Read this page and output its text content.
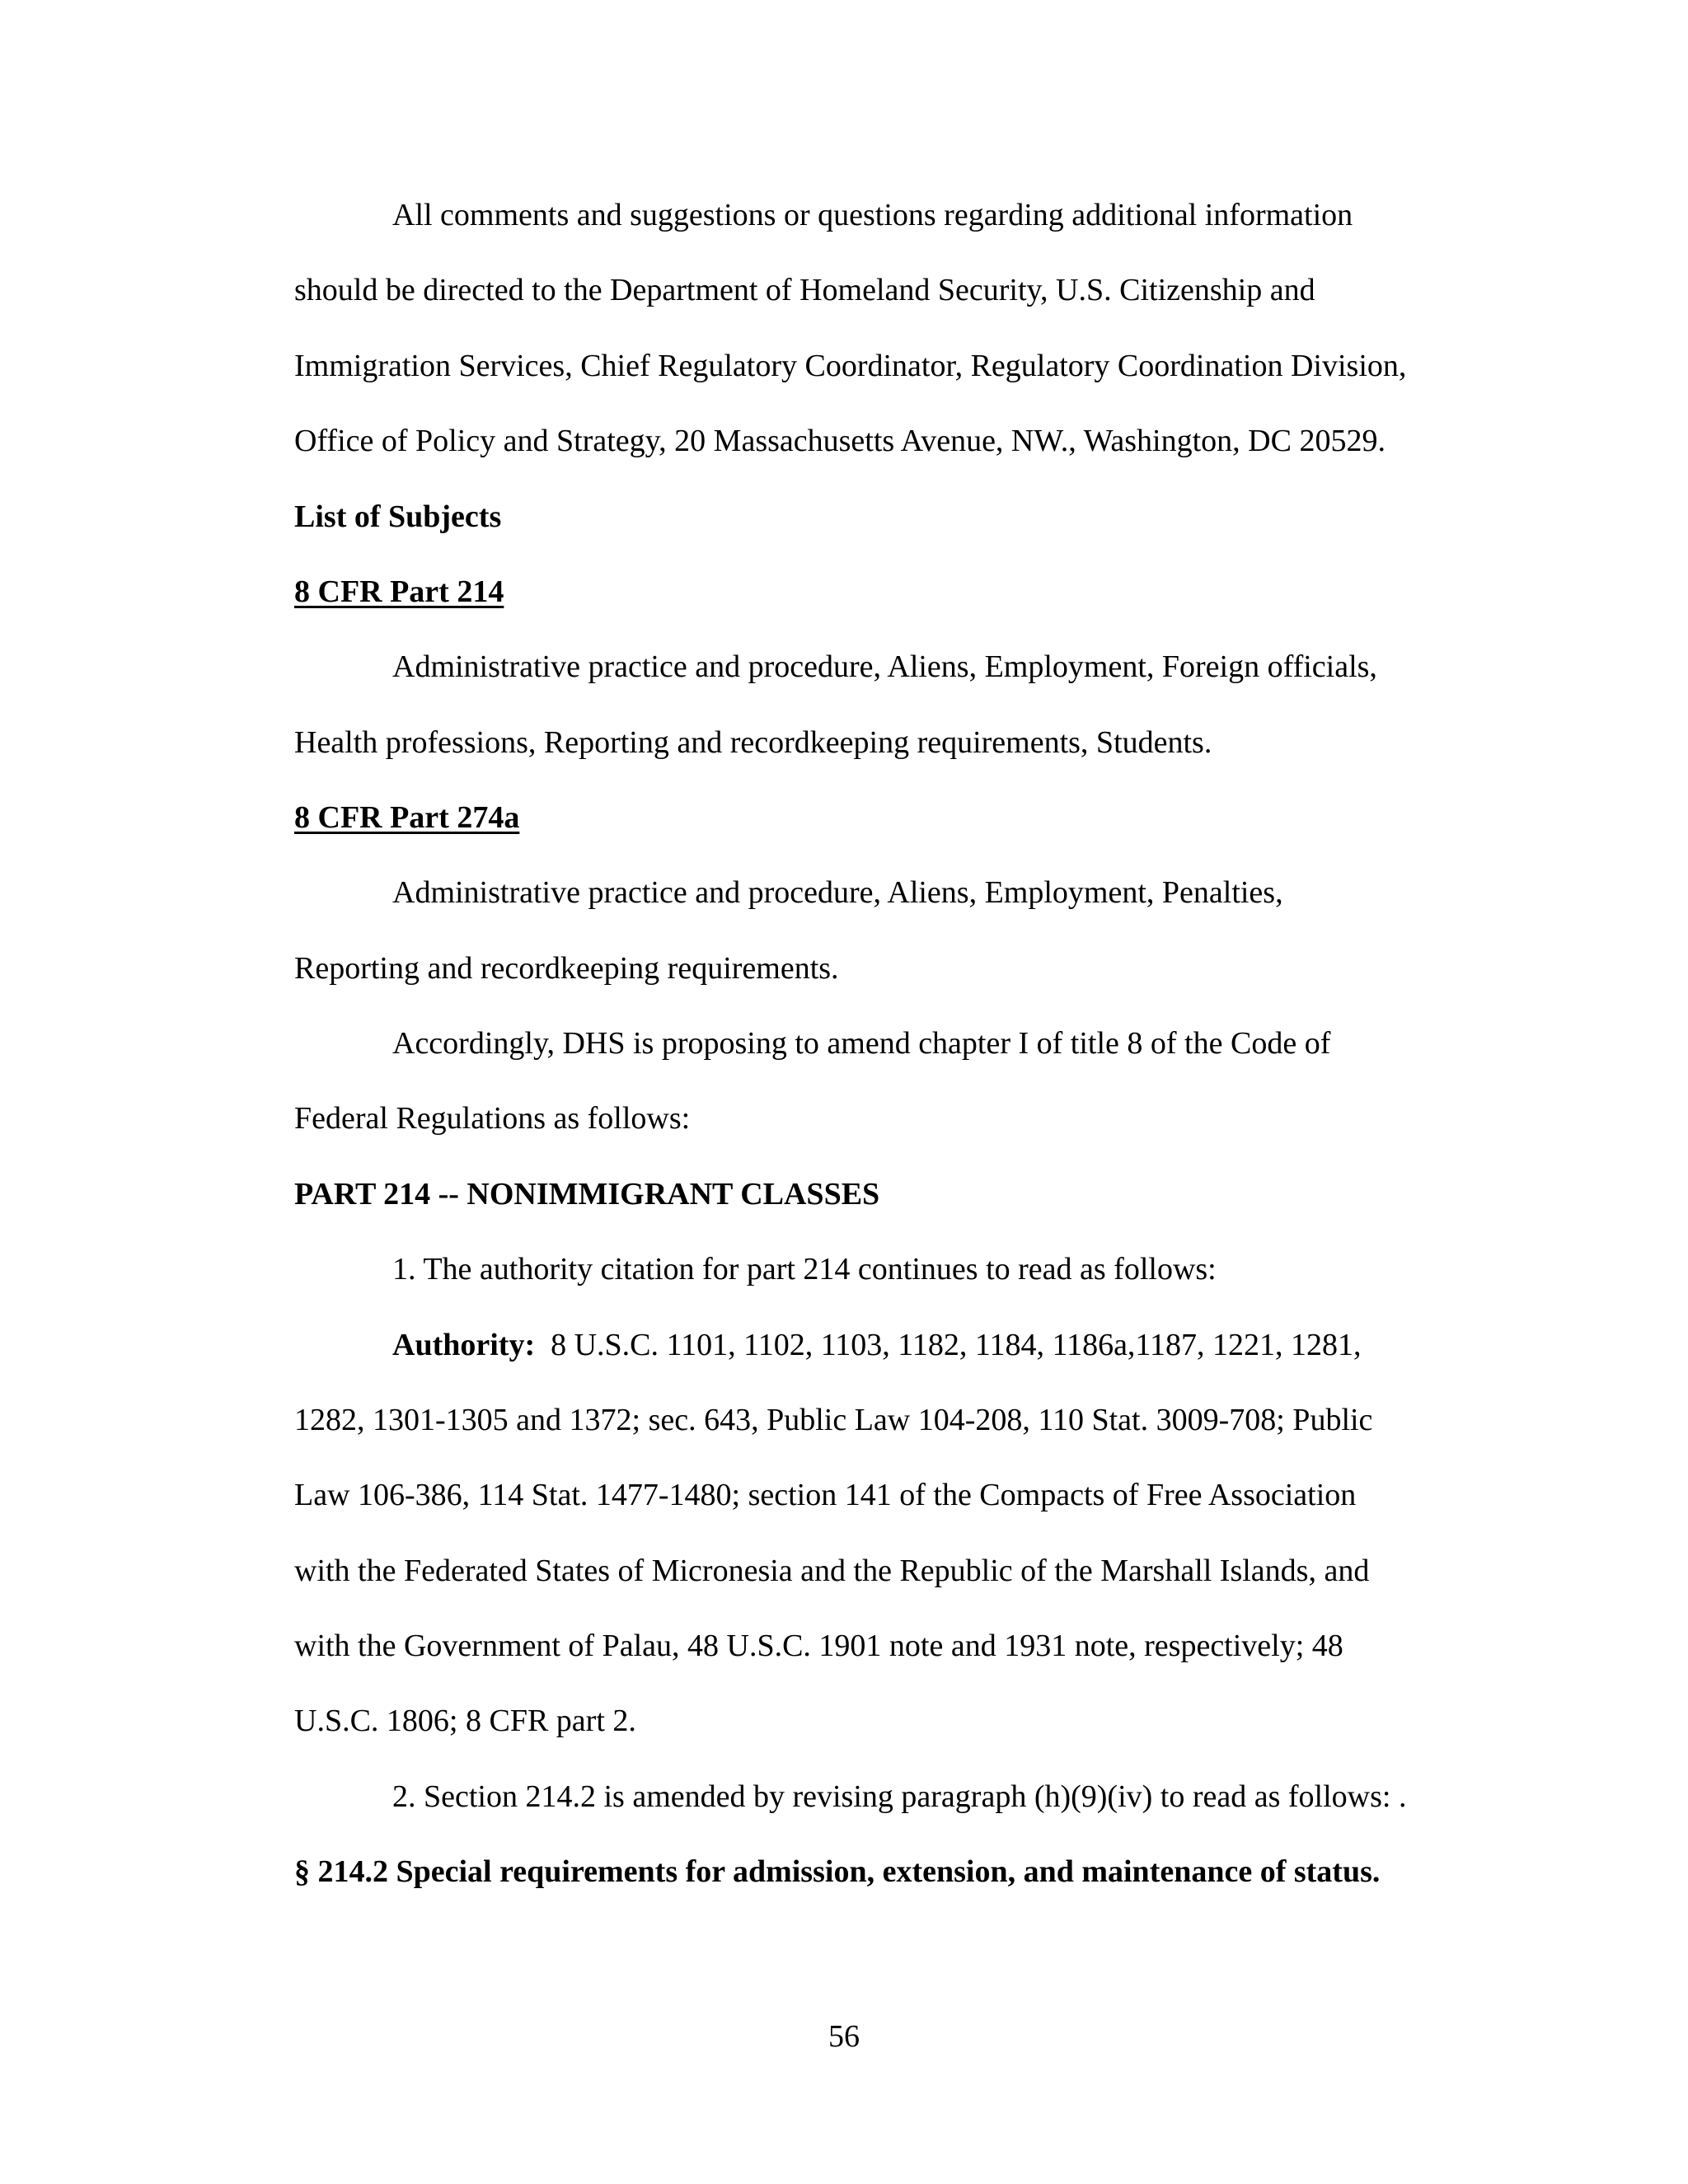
All comments and suggestions or questions regarding additional information
should be directed to the Department of Homeland Security, U.S. Citizenship and
Immigration Services, Chief Regulatory Coordinator, Regulatory Coordination Division,
Office of Policy and Strategy, 20 Massachusetts Avenue, NW., Washington, DC 20529.
List of Subjects
8 CFR Part 214
Administrative practice and procedure, Aliens, Employment, Foreign officials,
Health professions, Reporting and recordkeeping requirements, Students.
8 CFR Part 274a
Administrative practice and procedure, Aliens, Employment, Penalties,
Reporting and recordkeeping requirements.
Accordingly, DHS is proposing to amend chapter I of title 8 of the Code of
Federal Regulations as follows:
PART 214 -- NONIMMIGRANT CLASSES
1. The authority citation for part 214 continues to read as follows:
Authority: 8 U.S.C. 1101, 1102, 1103, 1182, 1184, 1186a,1187, 1221, 1281,
1282, 1301-1305 and 1372; sec. 643, Public Law 104-208, 110 Stat. 3009-708; Public
Law 106-386, 114 Stat. 1477-1480; section 141 of the Compacts of Free Association
with the Federated States of Micronesia and the Republic of the Marshall Islands, and
with the Government of Palau, 48 U.S.C. 1901 note and 1931 note, respectively; 48
U.S.C. 1806; 8 CFR part 2.
2. Section 214.2 is amended by revising paragraph (h)(9)(iv) to read as follows: .
§ 214.2 Special requirements for admission, extension, and maintenance of status.
56
